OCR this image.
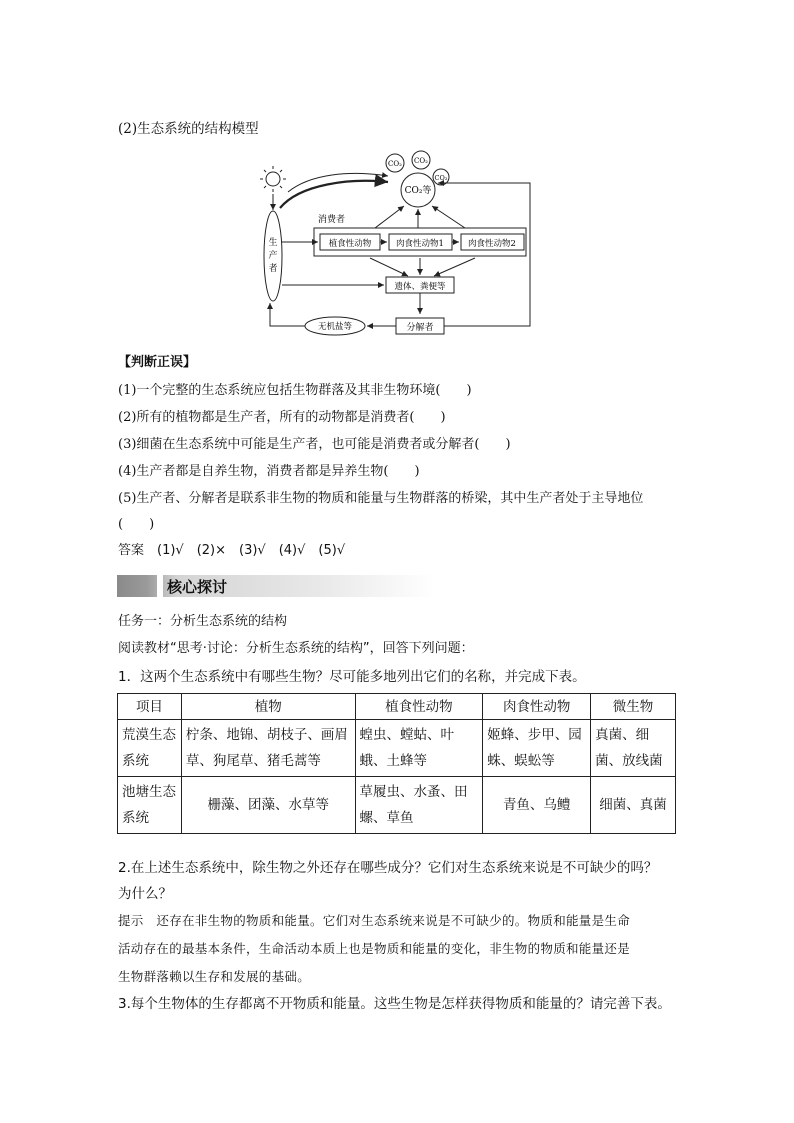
(2)生态系统的结构模型
CO₂ CO₂
CO₂
CO₂等
生
产
者
消费者
植食性动物	肉食性动物1	肉食性动物2
遗体、粪便等
分解者
无机盐等
【判断正误】
(1)一个完整的生态系统应包括生物群落及其非生物环境(　　)
(2)所有的植物都是生产者，所有的动物都是消费者(　　)
(3)细菌在生态系统中可能是生产者，也可能是消费者或分解者(　　)
(4)生产者都是自养生物，消费者都是异养生物(　　)
(5)生产者、分解者是联系非生物的物质和能量与生物群落的桥梁，其中生产者处于主导地位
(　　)
答案　(1)√　(2)×　(3)√　(4)√　(5)√
核心探讨
任务一：分析生态系统的结构
阅读教材“思考·讨论：分析生态系统的结构”，回答下列问题：
1．这两个生态系统中有哪些生物？尽可能多地列出它们的名称，并完成下表。
项目	植物	植食性动物	肉食性动物	微生物
荒漠生态系统	柠条、地锦、胡枝子、画眉草、狗尾草、猪毛蒿等	蝗虫、螳蛄、叶蛾、土蜂等	姬蜂、步甲、园蛛、蜈蚣等	真菌、细菌、放线菌
池塘生态系统	栅藻、团藻、水草等	草履虫、水蚤、田螺、草鱼	青鱼、乌鳢	细菌、真菌
2.在上述生态系统中，除生物之外还存在哪些成分？它们对生态系统来说是不可缺少的吗？
为什么？
提示　还存在非生物的物质和能量。它们对生态系统来说是不可缺少的。物质和能量是生命
活动存在的最基本条件，生命活动本质上也是物质和能量的变化，非生物的物质和能量还是
生物群落赖以生存和发展的基础。
3.每个生物体的生存都离不开物质和能量。这些生物是怎样获得物质和能量的？请完善下表。
